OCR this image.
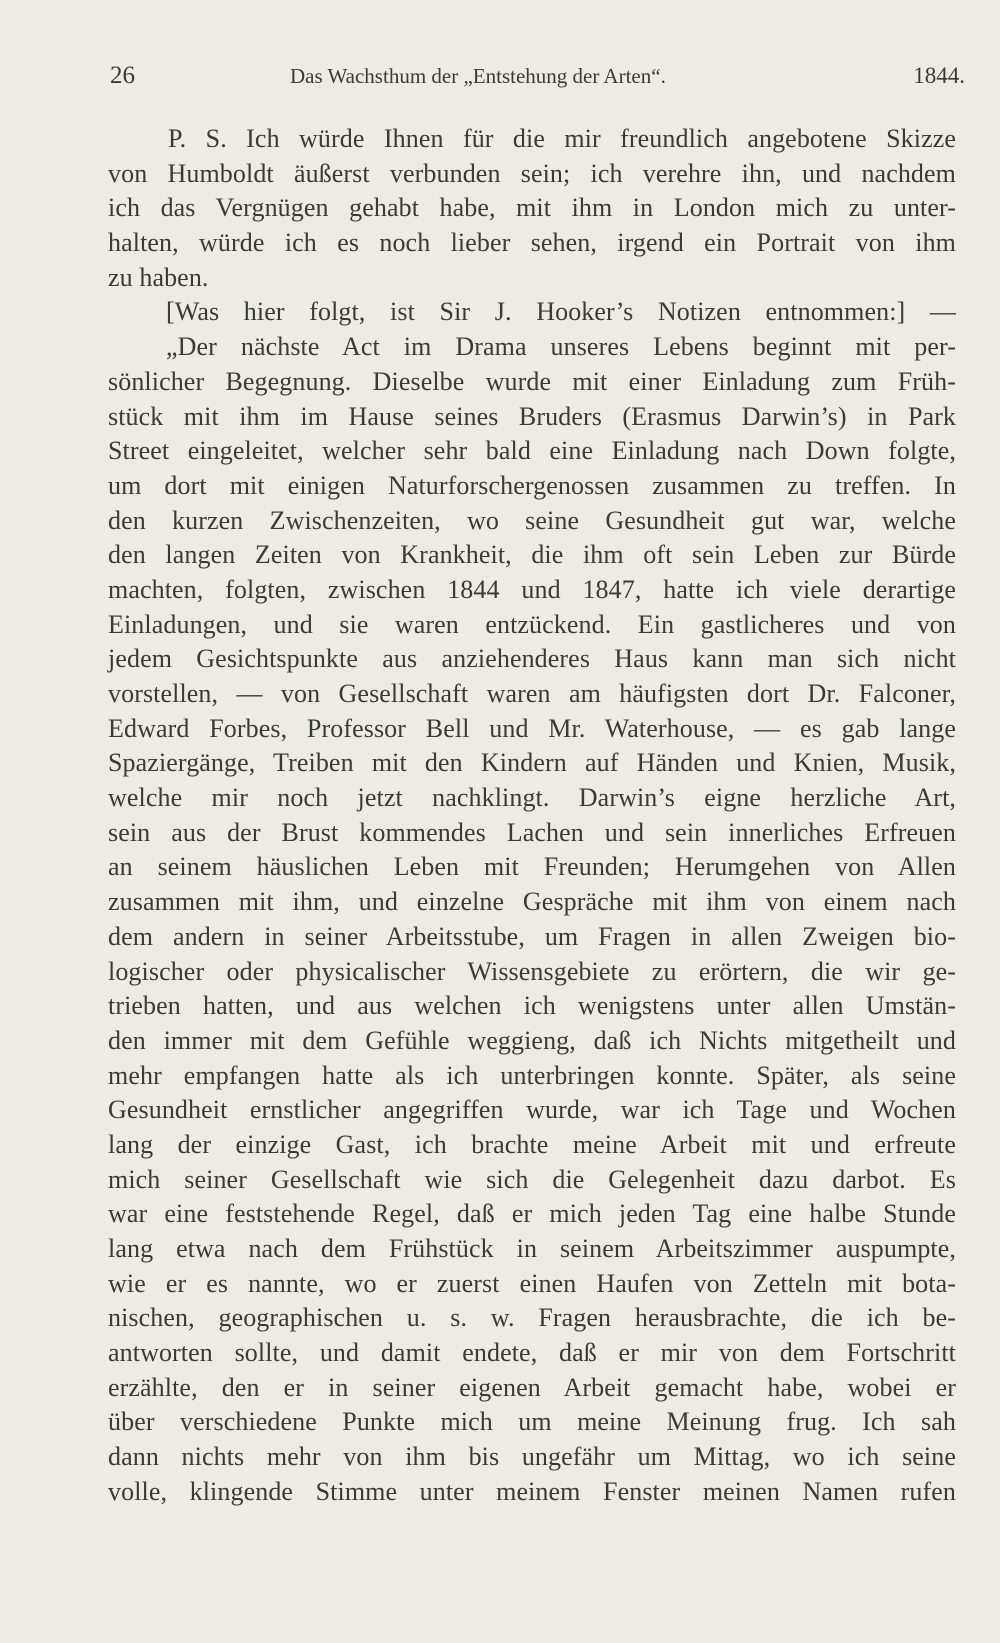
26	Das Wachsthum der „Entstehung der Arten“.	1844.
P. S. Ich würde Ihnen für die mir freundlich angebotene Skizze
von Humboldt äußerst verbunden sein; ich verehre ihn, und nachdem
ich das Vergnügen gehabt habe, mit ihm in London mich zu unter-
halten, würde ich es noch lieber sehen, irgend ein Portrait von ihm
zu haben.
[Was hier folgt, ist Sir J. Hooker’s Notizen entnommen:] —
„Der nächste Act im Drama unseres Lebens beginnt mit per-
sönlicher Begegnung. Dieselbe wurde mit einer Einladung zum Früh-
stück mit ihm im Hause seines Bruders (Erasmus Darwin’s) in Park
Street eingeleitet, welcher sehr bald eine Einladung nach Down folgte,
um dort mit einigen Naturforschergenossen zusammen zu treffen. In
den kurzen Zwischenzeiten, wo seine Gesundheit gut war, welche
den langen Zeiten von Krankheit, die ihm oft sein Leben zur Bürde
machten, folgten, zwischen 1844 und 1847, hatte ich viele derartige
Einladungen, und sie waren entzückend. Ein gastlicheres und von
jedem Gesichtspunkte aus anziehenderes Haus kann man sich nicht
vorstellen, — von Gesellschaft waren am häufigsten dort Dr. Falconer,
Edward Forbes, Professor Bell und Mr. Waterhouse, — es gab lange
Spaziergänge, Treiben mit den Kindern auf Händen und Knien, Musik,
welche mir noch jetzt nachklingt. Darwin’s eigne herzliche Art,
sein aus der Brust kommendes Lachen und sein innerliches Erfreuen
an seinem häuslichen Leben mit Freunden; Herumgehen von Allen
zusammen mit ihm, und einzelne Gespräche mit ihm von einem nach
dem andern in seiner Arbeitsstube, um Fragen in allen Zweigen bio-
logischer oder physicalischer Wissensgebiete zu erörtern, die wir ge-
trieben hatten, und aus welchen ich wenigstens unter allen Umstän-
den immer mit dem Gefühle weggieng, daß ich Nichts mitgetheilt und
mehr empfangen hatte als ich unterbringen konnte. Später, als seine
Gesundheit ernstlicher angegriffen wurde, war ich Tage und Wochen
lang der einzige Gast, ich brachte meine Arbeit mit und erfreute
mich seiner Gesellschaft wie sich die Gelegenheit dazu darbot. Es
war eine feststehende Regel, daß er mich jeden Tag eine halbe Stunde
lang etwa nach dem Frühstück in seinem Arbeitszimmer auspumpte,
wie er es nannte, wo er zuerst einen Haufen von Zetteln mit bota-
nischen, geographischen u. s. w. Fragen herausbrachte, die ich be-
antworten sollte, und damit endete, daß er mir von dem Fortschritt
erzählte, den er in seiner eigenen Arbeit gemacht habe, wobei er
über verschiedene Punkte mich um meine Meinung frug. Ich sah
dann nichts mehr von ihm bis ungefähr um Mittag, wo ich seine
volle, klingende Stimme unter meinem Fenster meinen Namen rufen
